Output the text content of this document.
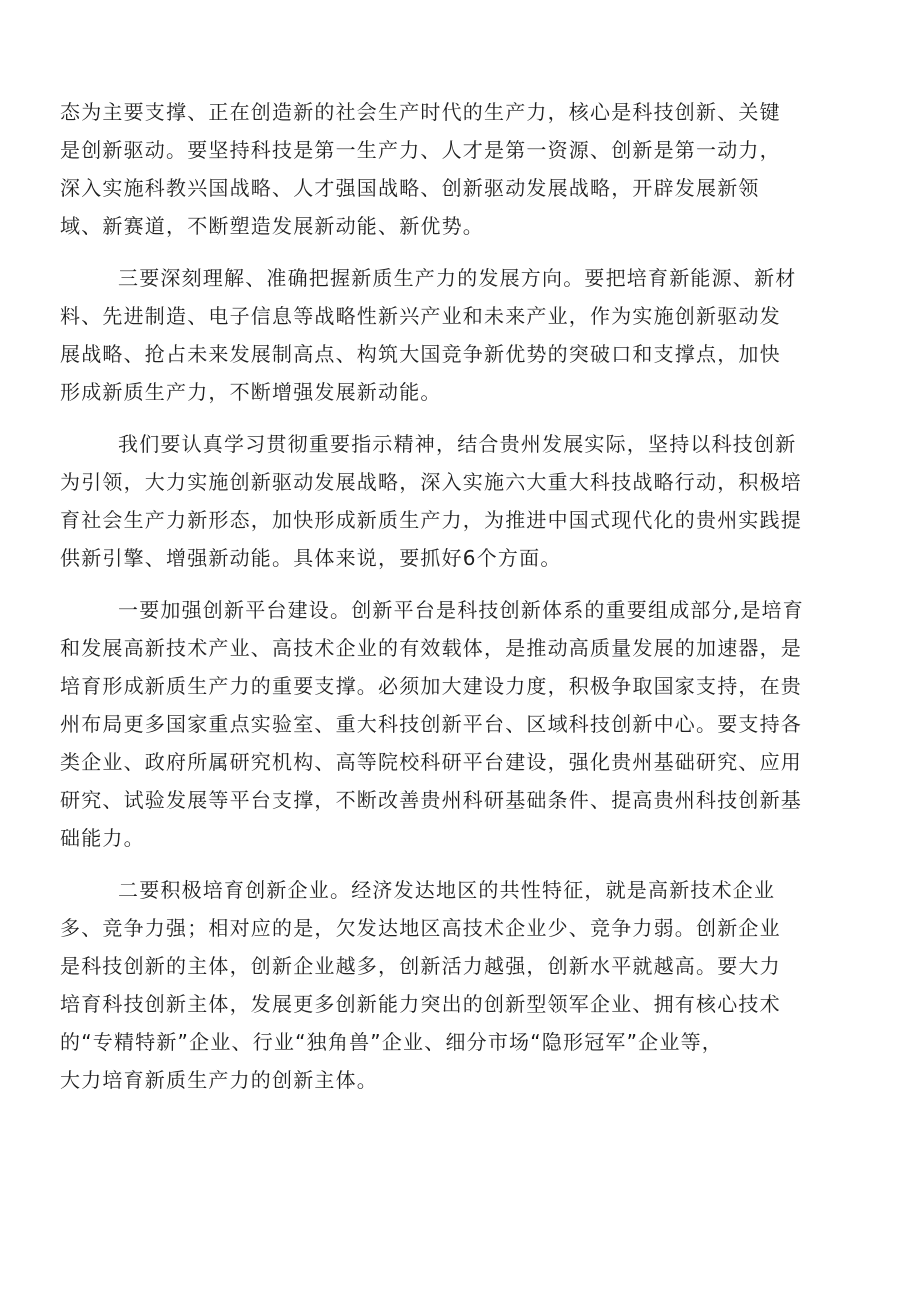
态为主要支撑、正在创造新的社会生产时代的生产力，核心是科技创新、关键
是创新驱动。要坚持科技是第一生产力、人才是第一资源、创新是第一动力，
深入实施科教兴国战略、人才强国战略、创新驱动发展战略，开辟发展新领
域、新赛道，不断塑造发展新动能、新优势。
三要深刻理解、准确把握新质生产力的发展方向。要把培育新能源、新材
料、先进制造、电子信息等战略性新兴产业和未来产业，作为实施创新驱动发
展战略、抢占未来发展制高点、构筑大国竞争新优势的突破口和支撑点，加快
形成新质生产力，不断增强发展新动能。
我们要认真学习贯彻重要指示精神，结合贵州发展实际，坚持以科技创新
为引领，大力实施创新驱动发展战略，深入实施六大重大科技战略行动，积极培
育社会生产力新形态，加快形成新质生产力，为推进中国式现代化的贵州实践提
供新引擎、增强新动能。具体来说，要抓好6个方面。
一要加强创新平台建设。创新平台是科技创新体系的重要组成部分,是培育
和发展高新技术产业、高技术企业的有效载体，是推动高质量发展的加速器，是
培育形成新质生产力的重要支撑。必须加大建设力度，积极争取国家支持，在贵
州布局更多国家重点实验室、重大科技创新平台、区域科技创新中心。要支持各
类企业、政府所属研究机构、高等院校科研平台建设，强化贵州基础研究、应用
研究、试验发展等平台支撑，不断改善贵州科研基础条件、提高贵州科技创新基
础能力。
二要积极培育创新企业。经济发达地区的共性特征，就是高新技术企业
多、竞争力强；相对应的是，欠发达地区高技术企业少、竞争力弱。创新企业
是科技创新的主体，创新企业越多，创新活力越强，创新水平就越高。要大力
培育科技创新主体，发展更多创新能力突出的创新型领军企业、拥有核心技术
的“专精特新”企业、行业“独角兽”企业、细分市场“隐形冠军”企业等，
大力培育新质生产力的创新主体。
